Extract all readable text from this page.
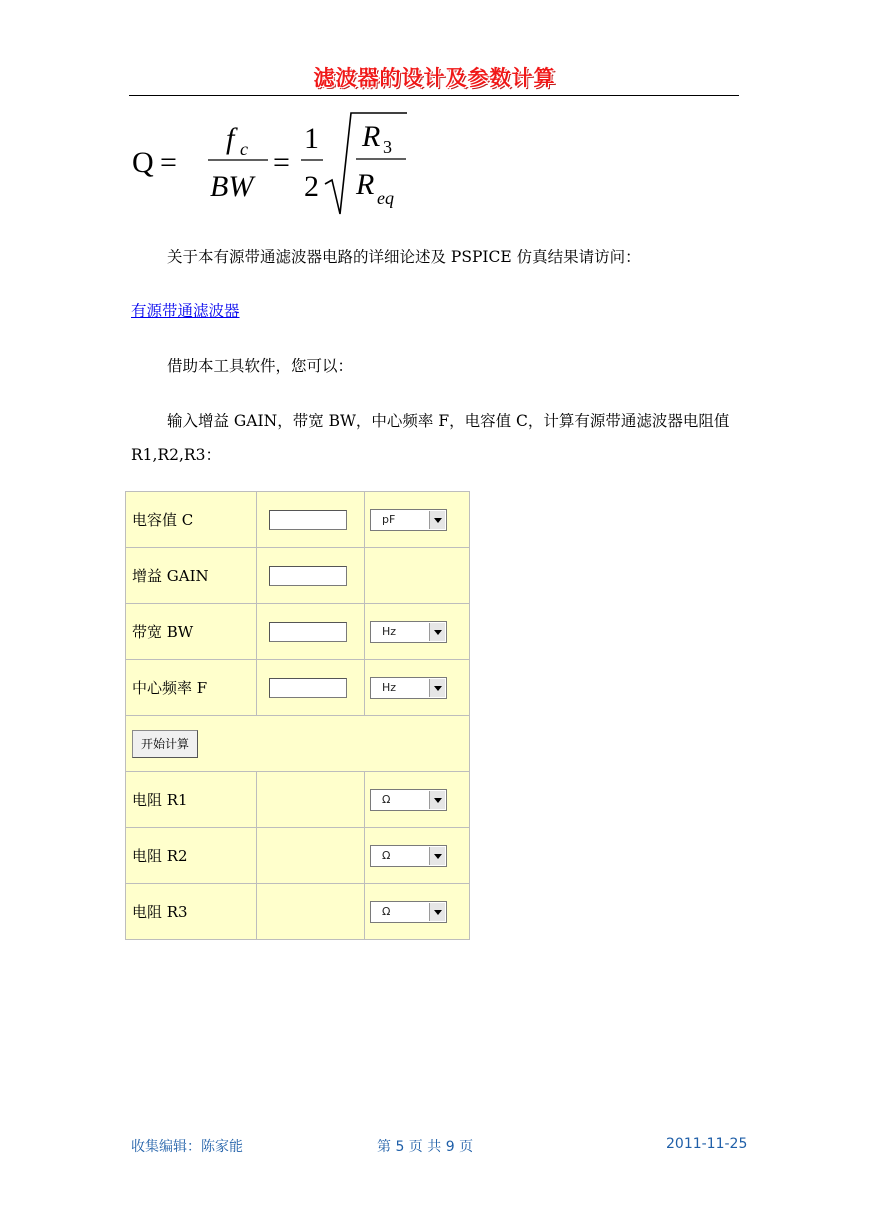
滤波器的设计及参数计算
Q =
f c
BW
=
1
2
R 3
R eq
关于本有源带通滤波器电路的详细论述及 PSPICE 仿真结果请访问：
有源带通滤波器
借助本工具软件，您可以：
输入增益 GAIN，带宽 BW，中心频率 F，电容值 C，计算有源带通滤波器电阻值 R1,R2,R3：
电容值 C		pF

增益 GAIN	

带宽 BW		Hz

中心频率 F		Hz

开始计算		
电阻 R1		Ω

电阻 R2		Ω

电阻 R3		Ω
收集编辑：陈家能	第 5 页 共 9 页	2011-11-25
